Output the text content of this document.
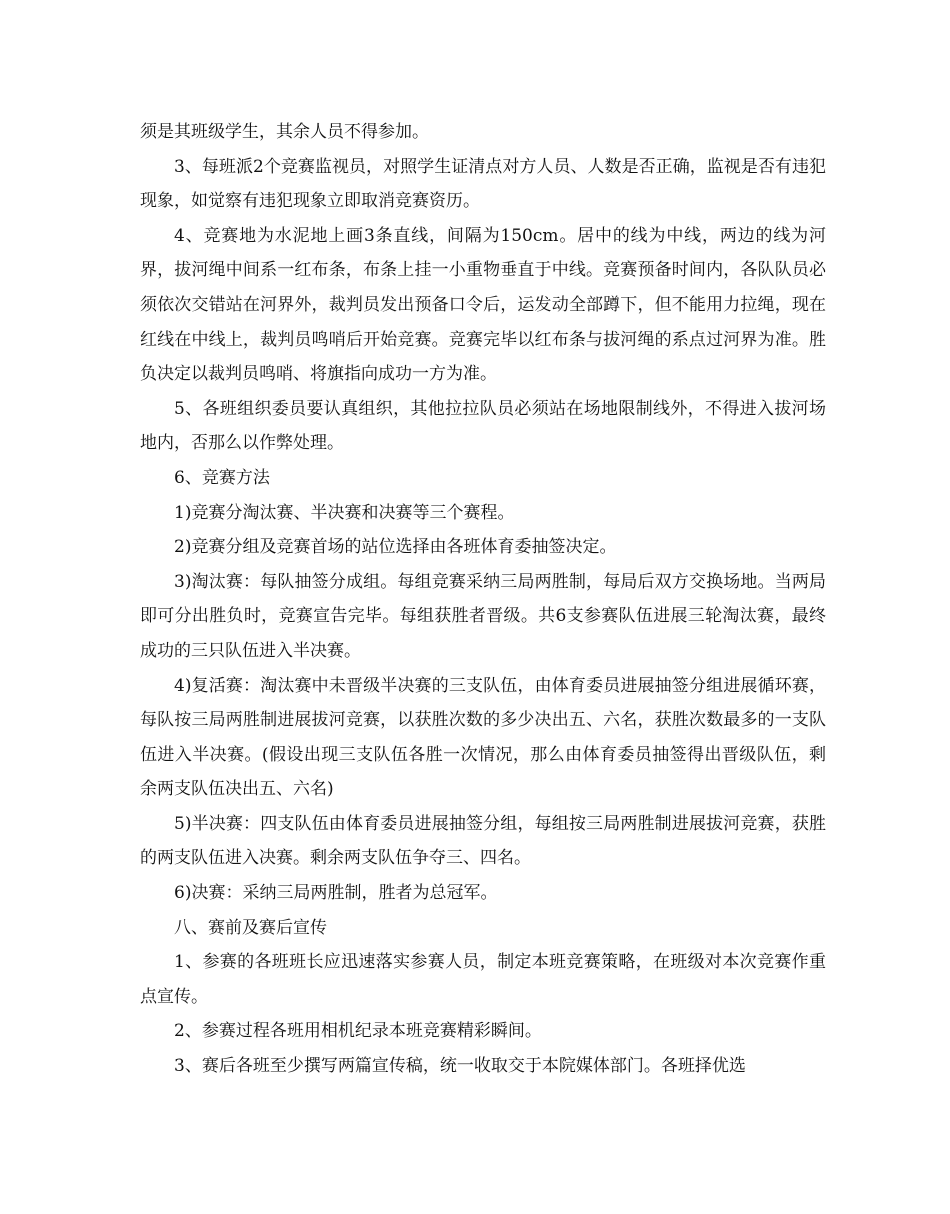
须是其班级学生，其余人员不得参加。

3、每班派2个竞赛监视员，对照学生证清点对方人员、人数是否正确，监视是否有违犯现象，如觉察有违犯现象立即取消竞赛资历。

4、竞赛地为水泥地上画3条直线，间隔为150cm。居中的线为中线，两边的线为河界，拔河绳中间系一红布条，布条上挂一小重物垂直于中线。竞赛预备时间内，各队队员必须依次交错站在河界外，裁判员发出预备口令后，运发动全部蹲下，但不能用力拉绳，现在红线在中线上，裁判员鸣哨后开始竞赛。竞赛完毕以红布条与拔河绳的系点过河界为准。胜负决定以裁判员鸣哨、将旗指向成功一方为准。

5、各班组织委员要认真组织，其他拉拉队员必须站在场地限制线外，不得进入拔河场地内，否那么以作弊处理。

6、竞赛方法

1)竞赛分淘汰赛、半决赛和决赛等三个赛程。

2)竞赛分组及竞赛首场的站位选择由各班体育委抽签决定。

3)淘汰赛：每队抽签分成组。每组竞赛采纳三局两胜制，每局后双方交换场地。当两局即可分出胜负时，竞赛宣告完毕。每组获胜者晋级。共6支参赛队伍进展三轮淘汰赛，最终成功的三只队伍进入半决赛。

4)复活赛：淘汰赛中未晋级半决赛的三支队伍，由体育委员进展抽签分组进展循环赛，每队按三局两胜制进展拔河竞赛，以获胜次数的多少决出五、六名，获胜次数最多的一支队伍进入半决赛。(假设出现三支队伍各胜一次情况，那么由体育委员抽签得出晋级队伍，剩余两支队伍决出五、六名)

5)半决赛：四支队伍由体育委员进展抽签分组，每组按三局两胜制进展拔河竞赛，获胜的两支队伍进入决赛。剩余两支队伍争夺三、四名。

6)决赛：采纳三局两胜制，胜者为总冠军。

八、赛前及赛后宣传

1、参赛的各班班长应迅速落实参赛人员，制定本班竞赛策略，在班级对本次竞赛作重点宣传。

2、参赛过程各班用相机纪录本班竞赛精彩瞬间。

3、赛后各班至少撰写两篇宣传稿，统一收取交于本院媒体部门。各班择优选
